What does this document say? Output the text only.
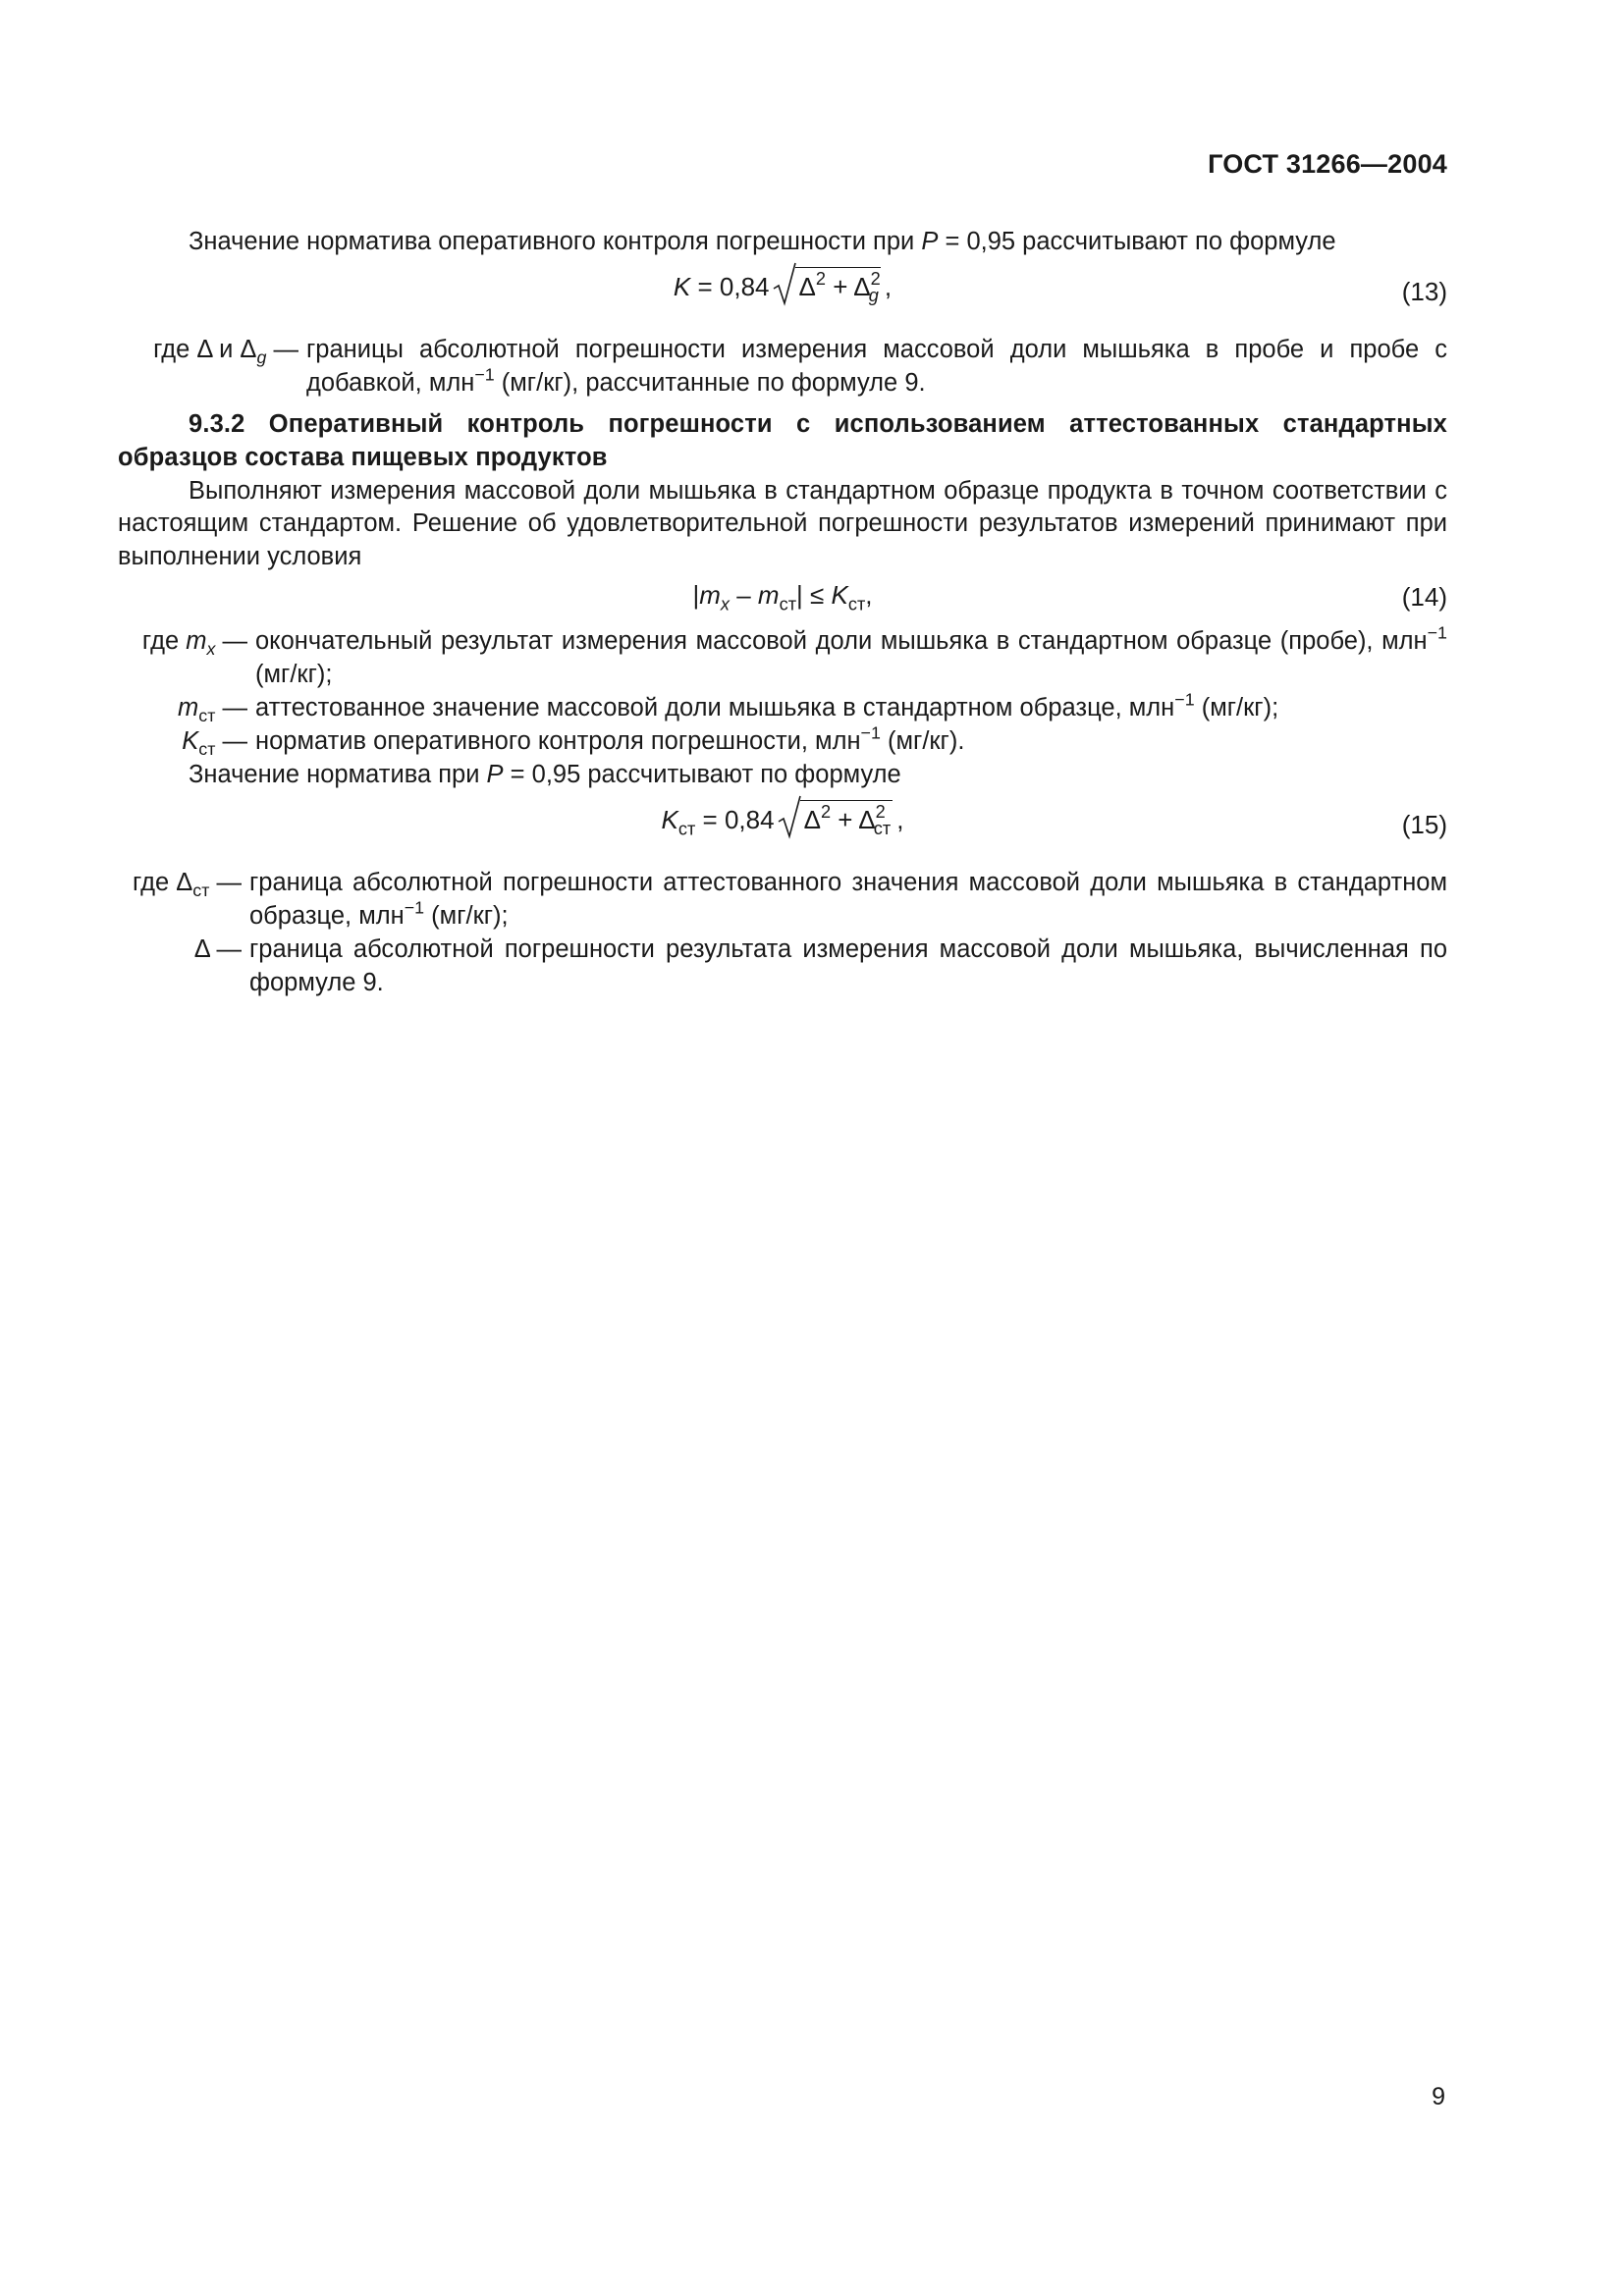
ГОСТ 31266—2004

Значение норматива оперативного контроля погрешности при P = 0,95 рассчитывают по формуле

K = 0,84 $\Delta^2 + \Delta^2_g$ ,	(13)
где Δ и $\Delta_g$ — границы абсолютной погрешности измерения массовой доли мышьяка в пробе и пробе с добавкой, млн$^{-1}$ (мг/кг), рассчитанные по формуле 9.

9.3.2 Оперативный контроль погрешности с использованием аттестованных стандартных образцов состава пищевых продуктов

Выполняют измерения массовой доли мышьяка в стандартном образце продукта в точном соответствии с настоящим стандартом. Решение об удовлетворительной погрешности результатов измерений принимают при выполнении условия

$|m_x - m_{ст}| \le K_{ст}$,	(14)
где $m_x$ — окончательный результат измерения массовой доли мышьяка в стандартном образце (пробе), млн$^{-1}$ (мг/кг);
$m_{ст}$ — аттестованное значение массовой доли мышьяка в стандартном образце, млн$^{-1}$ (мг/кг);
$K_{ст}$ — норматив оперативного контроля погрешности, млн$^{-1}$ (мг/кг).

Значение норматива при P = 0,95 рассчитывают по формуле

$K_{ст} = 0,84$ $\Delta^2 + \Delta^2_{ст}$ ,	(15)
где $\Delta_{ст}$ — граница абсолютной погрешности аттестованного значения массовой доли мышьяка в стандартном образце, млн$^{-1}$ (мг/кг);
Δ — граница абсолютной погрешности результата измерения массовой доли мышьяка, вычисленная по формуле 9.
9
